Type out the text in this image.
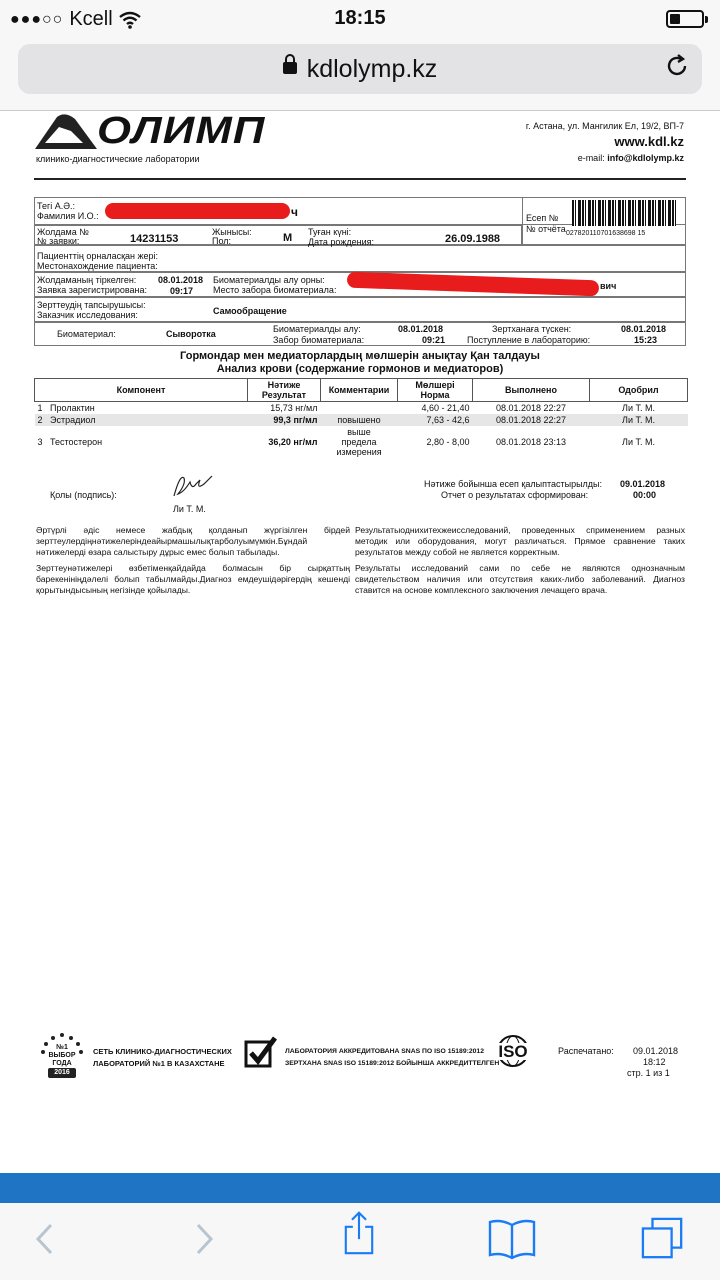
●●●○○ Kcell	18:15
kdlolymp.kz
ОЛИМП
клинико-диагностические лаборатории
г. Астана, ул. Мангилик Ел, 19/2, ВП-7
www.kdl.kz
e-mail: info@kdlolymp.kz
Тегі А.Ә.:
Фамилия И.О.:	ч	Есеп №
№ отчёта 027820110701638698 15
Жолдама №
№ заявки:	14231153
Жынысы:
Пол:	М Туған күні:
Дата рождения:	26.09.1988
Пациенттің орналасқан жері:
Местонахождение пациента:
Жолдаманың тіркелген:
Заявка зарегистрирована:
08.01.2018
09:17
Биоматериалды алу орны:
Место забора биоматериала:	вич
Зерттеудің тапсырушысы:
Заказчик исследования:	Самообращение
Биоматериал:	Сыворотка	Биоматериалды алу:
Забор биоматериала:
08.01.2018
09:21
Зертханаға түскен:
Поступление в лабораторию:
08.01.2018
15:23
Гормондар мен медиаторлардың мөлшерін анықтау Қан талдауы
Анализ крови (содержание гормонов и медиаторов)
Компонент	Нәтиже
Результат	Комментарии	Мөлшері
Норма	Выполнено	Одобрил
1 Пролактин	15,73 нг/мл		4,60 - 21,40	08.01.2018 22:27	Ли Т. М.
2 Эстрадиол	99,3 пг/мл	повышено	7,63 - 42,6	08.01.2018 22:27	Ли Т. М.
3 Тестостерон	36,20 нг/мл	выше
предела
измерения	2,80 - 8,00	08.01.2018 23:13	Ли Т. М.
Қолы (подпись):
Ли Т. М.
Нәтиже бойынша есеп қалыптастырылды:
Отчет о результатах сформирован:
09.01.2018
00:00
Әртүрлі әдіс немесе жабдық қолданып жүргізілген бірдей зерттеулердіңнәтижелеріндеайырмашылықтарболуымүмкін.Бұндай нәтижелерді өзара салыстыру дұрыс емес болып табылады.
Зерттеунәтижелері өзбетіменқайдайда болмасын бір сырқаттың барекенініңдәлелі болып табылмайды.Диагноз емдеушідәрігердің кешенді қорытындысының негізінде қойылады.
Результатыоднихитехжеисследований, проведенных сприменением разных методик или оборудования, могут различаться. Прямое сравнение таких результатов между собой не является корректным.
Результаты исследований сами по себе не являются однозначным свидетельством наличия или отсутствия каких-либо заболеваний. Диагноз ставится на основе комплексного заключения лечащего врача.
№1
ВЫБОР
ГОДА
2016
СЕТЬ КЛИНИКО-ДИАГНОСТИЧЕСКИХ
ЛАБОРАТОРИЙ №1 В КАЗАХСТАНЕ
ЛАБОРАТОРИЯ АККРЕДИТОВАНА SNAS ПО ISO 15189:2012
ЗЕРТХАНА SNAS ISO 15189:2012 БОЙЫНША АККРЕДИТТЕЛГЕН
ISO	Распечатано: 09.01.2018
18:12
стр. 1 из 1
